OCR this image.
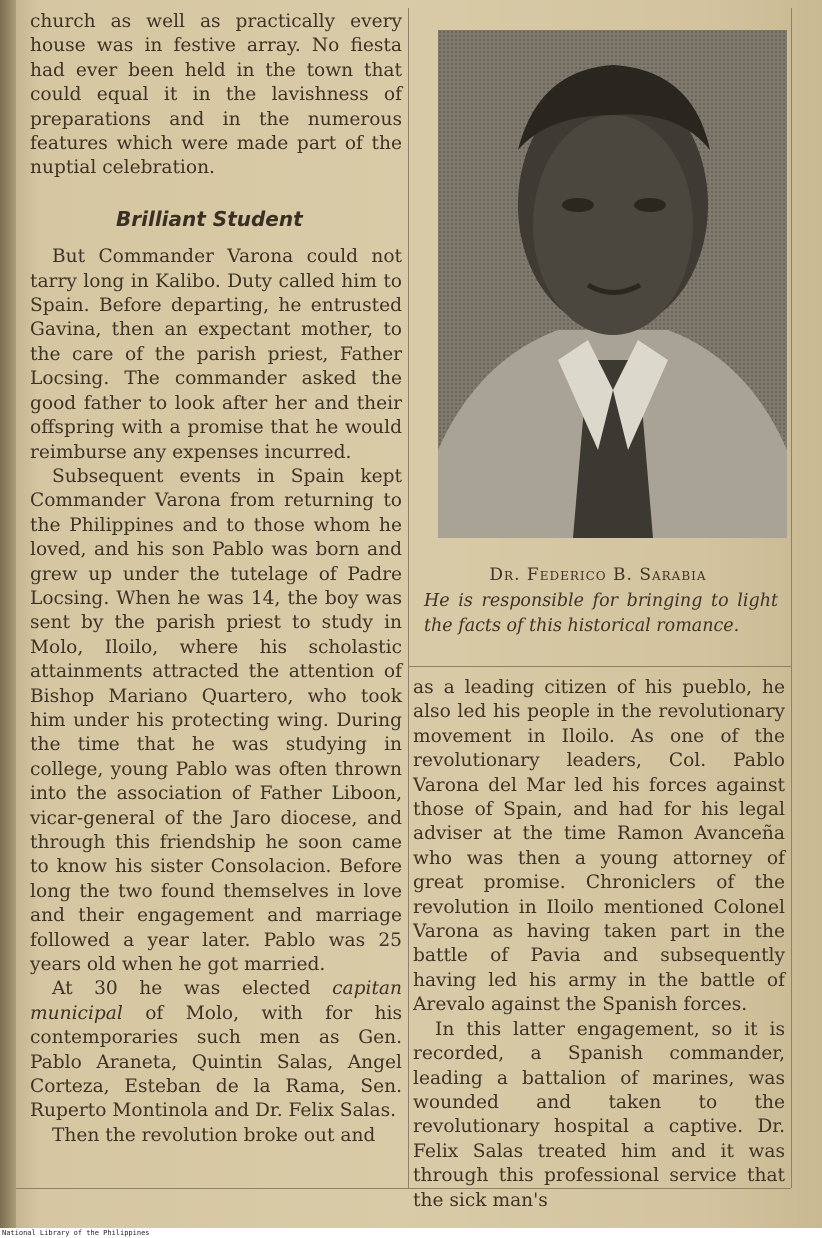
church as well as practically every house was in festive array. No fiesta had ever been held in the town that could equal it in the lavishness of preparations and in the numerous features which were made part of the nuptial celebration.

Brilliant Student

But Commander Varona could not tarry long in Kalibo. Duty called him to Spain. Before departing, he entrusted Gavina, then an expectant mother, to the care of the parish priest, Father Locsing. The commander asked the good father to look after her and their offspring with a promise that he would reimburse any expenses incurred.

Subsequent events in Spain kept Commander Varona from returning to the Philippines and to those whom he loved, and his son Pablo was born and grew up under the tutelage of Padre Locsing. When he was 14, the boy was sent by the parish priest to study in Molo, Iloilo, where his scholastic attainments attracted the attention of Bishop Mariano Quartero, who took him under his protecting wing. During the time that he was studying in college, young Pablo was often thrown into the association of Father Liboon, vicar-general of the Jaro diocese, and through this friendship he soon came to know his sister Consolacion. Before long the two found themselves in love and their engagement and marriage followed a year later. Pablo was 25 years old when he got married.

At 30 he was elected capitan municipal of Molo, with for his contemporaries such men as Gen. Pablo Araneta, Quintin Salas, Angel Corteza, Esteban de la Rama, Sen. Ruperto Montinola and Dr. Felix Salas.

Then the revolution broke out and

Dr. Federico B. Sarabia
He is responsible for bringing to light the facts of this historical romance.

as a leading citizen of his pueblo, he also led his people in the revolutionary movement in Iloilo. As one of the revolutionary leaders, Col. Pablo Varona del Mar led his forces against those of Spain, and had for his legal adviser at the time Ramon Avanceña who was then a young attorney of great promise. Chroniclers of the revolution in Iloilo mentioned Colonel Varona as having taken part in the battle of Pavia and subsequently having led his army in the battle of Arevalo against the Spanish forces.

In this latter engagement, so it is recorded, a Spanish commander, leading a battalion of marines, was wounded and taken to the revolutionary hospital a captive. Dr. Felix Salas treated him and it was through this professional service that the sick man's

National Library of the Philippines
